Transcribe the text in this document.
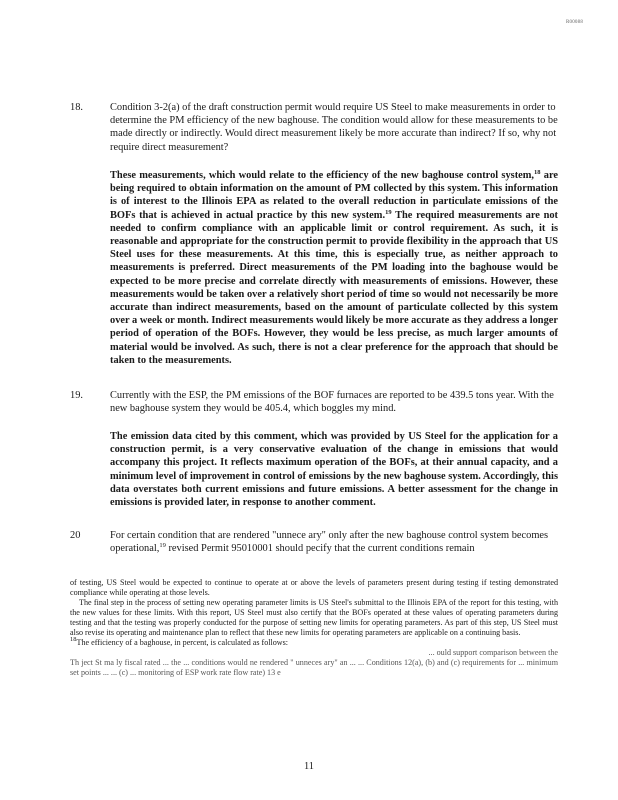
R00088
18.	Condition 3-2(a) of the draft construction permit would require US Steel to make measurements in order to determine the PM efficiency of the new baghouse. The condition would allow for these measurements to be made directly or indirectly. Would direct measurement likely be more accurate than indirect? If so, why not require direct measurement?

These measurements, which would relate to the efficiency of the new baghouse control system,$^{18}$ are being required to obtain information on the amount of PM collected by this system. This information is of interest to the Illinois EPA as related to the overall reduction in particulate emissions of the BOFs that is achieved in actual practice by this new system.$^{19}$ The required measurements are not needed to confirm compliance with an applicable limit or control requirement. As such, it is reasonable and appropriate for the construction permit to provide flexibility in the approach that US Steel uses for these measurements. At this time, this is especially true, as neither approach to measurements is preferred. Direct measurements of the PM loading into the baghouse would be expected to be more precise and correlate directly with measurements of emissions. However, these measurements would be taken over a relatively short period of time so would not necessarily be more accurate than indirect measurements, based on the amount of particulate collected by this system over a week or month. Indirect measurements would likely be more accurate as they address a longer period of operation of the BOFs. However, they would be less precise, as much larger amounts of material would be involved. As such, there is not a clear preference for the approach that should be taken to the measurements.

19.	Currently with the ESP, the PM emissions of the BOF furnaces are reported to be 439.5 tons year. With the new baghouse system they would be 405.4, which boggles my mind.

The emission data cited by this comment, which was provided by US Steel for the application for a construction permit, is a very conservative evaluation of the change in emissions that would accompany this project. It reflects maximum operation of the BOFs, at their annual capacity, and a minimum level of improvement in control of emissions by the new baghouse system. Accordingly, this data overstates both current emissions and future emissions. A better assessment for the change in emissions is provided later, in response to another comment.

20	For certain condition that are rendered "unnece ary" only after the new baghouse control system becomes operational,$^{19}$ revised Permit 95010001 should pecify that the current conditions remain

of testing, US Steel would be expected to continue to operate at or above the levels of parameters present during testing if testing demonstrated compliance while operating at those levels.

The final step in the process of setting new operating parameter limits is US Steel's submittal to the Illinois EPA of the report for this testing, with the new values for these limits. With this report, US Steel must also certify that the BOFs operated at these values of operating parameters during testing and that the testing was properly conducted for the purpose of setting new limits for operating parameters. As part of this step, US Steel must also revise its operating and maintenance plan to reflect that these new limits for operating parameters are applicable on a continuing basis.

$^{18}$The efficiency of a baghouse, in percent, is calculated as follows:

... ould support comparison between the

Th ject St ma ly fiscal rated ... the ... conditions would ne rendered " unneces ary" an ... ... Conditions 12(a), (b) and (c) requirements for ... minimum set points ... ... (c) ... monitoring of ESP work rate flow rate) 13 e

11
